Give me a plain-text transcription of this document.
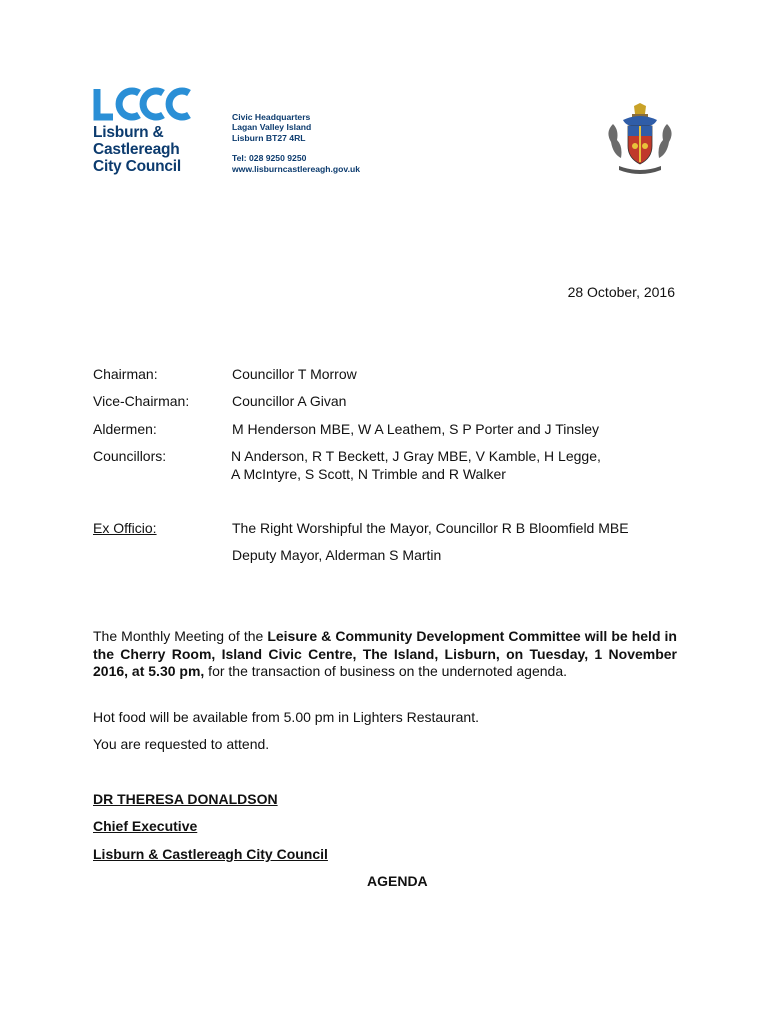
Lisburn &
Castlereagh
City Council
Civic Headquarters
Lagan Valley Island
Lisburn BT27 4RL
Tel: 028 9250 9250
www.lisburncastlereagh.gov.uk
28 October, 2016
Chairman:	Councillor T Morrow
Vice-Chairman:	Councillor A Givan
Aldermen:	M Henderson MBE, W A Leathem, S P Porter and J Tinsley
Councillors:	N Anderson, R T Beckett, J Gray MBE, V Kamble, H Legge,
A McIntyre, S Scott, N Trimble and R Walker
Ex Officio:	The Right Worshipful the Mayor, Councillor R B Bloomfield MBE
Deputy Mayor, Alderman S Martin
The Monthly Meeting of the Leisure & Community Development Committee will be held in the Cherry Room, Island Civic Centre, The Island, Lisburn, on Tuesday, 1 November 2016, at 5.30 pm, for the transaction of business on the undernoted agenda.
Hot food will be available from 5.00 pm in Lighters Restaurant.
You are requested to attend.
DR THERESA DONALDSON
Chief Executive
Lisburn & Castlereagh City Council
AGENDA
